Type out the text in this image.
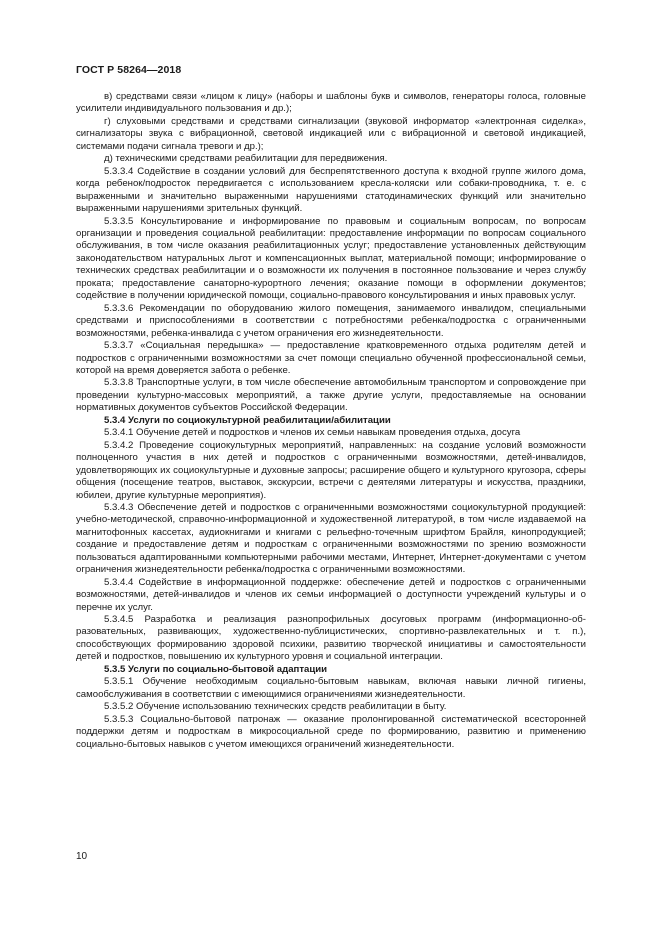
ГОСТ Р 58264—2018

в) средствами связи «лицом к лицу» (наборы и шаблоны букв и символов, генераторы голоса, головные усилители индивидуального пользования и др.);

г) слуховыми средствами и средствами сигнализации (звуковой информатор «электронная сиделка», сигнализаторы звука с вибрационной, световой индикацией или с вибрационной и световой индикацией, системами подачи сигнала тревоги и др.);

д) техническими средствами реабилитации для передвижения.

5.3.3.4 Содействие в создании условий для беспрепятственного доступа к входной группе жилого дома, когда ребенок/подросток передвигается с использованием кресла-коляски или собаки-проводника, т. е. с выраженными и значительно выраженными нарушениями статодинамических функций или значительно выраженными нарушениями зрительных функций.

5.3.3.5 Консультирование и информирование по правовым и социальным вопросам, по вопросам организации и проведения социальной реабилитации: предоставление информации по вопросам социального обслуживания, в том числе оказания реабилитационных услуг; предоставление установленных действующим законодательством натуральных льгот и компенсационных выплат, материальной помощи; информирование о технических средствах реабилитации и о возможности их получения в постоянное пользование и через службу проката; предоставление санаторно-курортного лечения; оказание помощи в оформлении документов; содействие в получении юридической помощи, социально-правового консультирования и иных правовых услуг.

5.3.3.6 Рекомендации по оборудованию жилого помещения, занимаемого инвалидом, специальными средствами и приспособлениями в соответствии с потребностями ребенка/подростка с ограниченными возможностями, ребенка-инвалида с учетом ограничения его жизнедеятельности.

5.3.3.7 «Социальная передышка» — предоставление кратковременного отдыха родителям детей и подростков с ограниченными возможностями за счет помощи специально обученной профессиональной семьи, которой на время доверяется забота о ребенке.

5.3.3.8 Транспортные услуги, в том числе обеспечение автомобильным транспортом и сопровождение при проведении культурно-массовых мероприятий, а также другие услуги, предоставляемые на основании нормативных документов субъектов Российской Федерации.

5.3.4 Услуги по социокультурной реабилитации/абилитации

5.3.4.1 Обучение детей и подростков и членов их семьи навыкам проведения отдыха, досуга

5.3.4.2 Проведение социокультурных мероприятий, направленных: на создание условий возможности полноценного участия в них детей и подростков с ограниченными возможностями, детей-инвалидов, удовлетворяющих их социокультурные и духовные запросы; расширение общего и культурного кругозора, сферы общения (посещение театров, выставок, экскурсии, встречи с деятелями литературы и искусства, праздники, юбилеи, другие культурные мероприятия).

5.3.4.3 Обеспечение детей и подростков с ограниченными возможностями социокультурной продукцией: учебно-методической, справочно-информационной и художественной литературой, в том числе издаваемой на магнитофонных кассетах, аудиокнигами и книгами с рельефно-точечным шрифтом Брайля, кинопродукцией; создание и предоставление детям и подросткам с ограниченными возможностями по зрению возможности пользоваться адаптированными компьютерными рабочими местами, Интернет, Интернет-документами с учетом ограничения жизнедеятельности ребенка/подростка с ограниченными возможностями.

5.3.4.4 Содействие в информационной поддержке: обеспечение детей и подростков с ограниченными возможностями, детей-инвалидов и членов их семьи информацией о доступности учреждений культуры и о перечне их услуг.

5.3.4.5 Разработка и реализация разнопрофильных досуговых программ (информационно-образовательных, развивающих, художественно-публицистических, спортивно-развлекательных и т. п.), способствующих формированию здоровой психики, развитию творческой инициативы и самостоятельности детей и подростков, повышению их культурного уровня и социальной интеграции.

5.3.5 Услуги по социально-бытовой адаптации

5.3.5.1 Обучение необходимым социально-бытовым навыкам, включая навыки личной гигиены, самообслуживания в соответствии с имеющимися ограничениями жизнедеятельности.

5.3.5.2 Обучение использованию технических средств реабилитации в быту.

5.3.5.3 Социально-бытовой патронаж — оказание пролонгированной систематической всесторонней поддержки детям и подросткам в микросоциальной среде по формированию, развитию и применению социально-бытовых навыков с учетом имеющихся ограничений жизнедеятельности.

10
